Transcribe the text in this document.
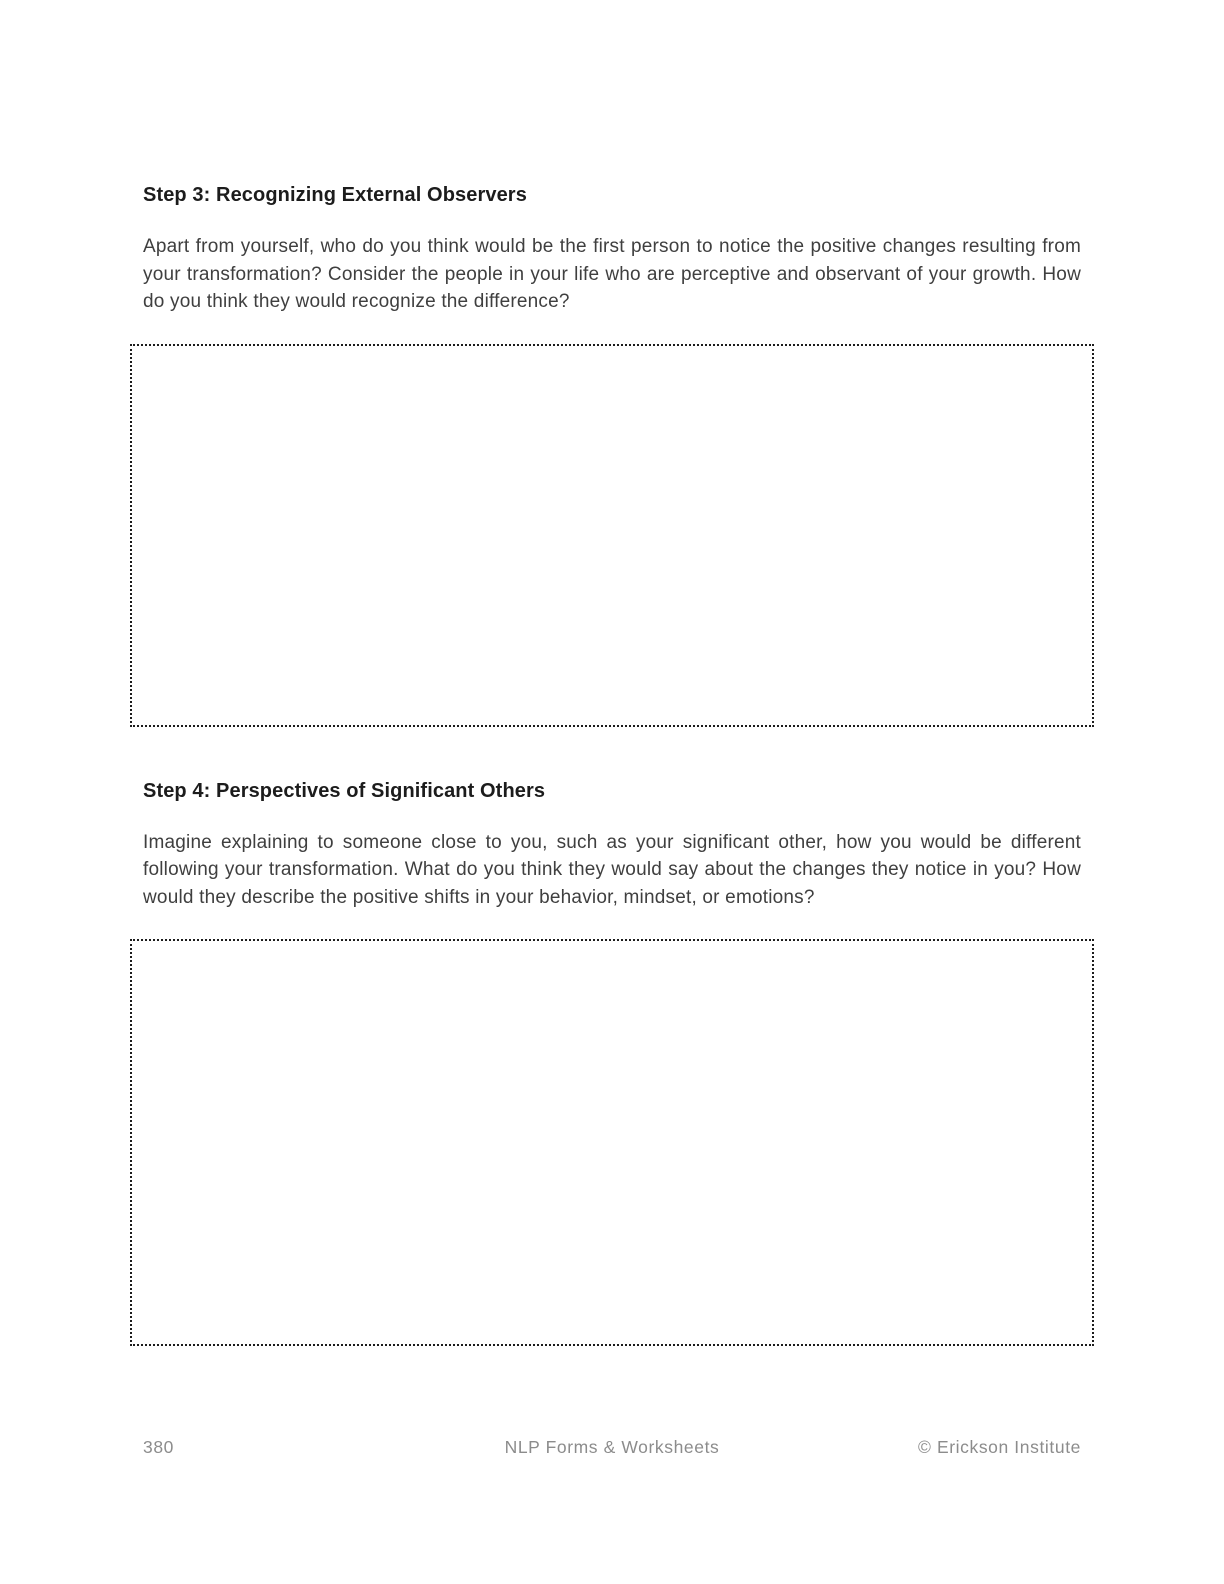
Step 3: Recognizing External Observers

Apart from yourself, who do you think would be the first person to notice the positive changes resulting from your transformation? Consider the people in your life who are perceptive and observant of your growth. How do you think they would recognize the difference?

Step 4: Perspectives of Significant Others

Imagine explaining to someone close to you, such as your significant other, how you would be different following your transformation. What do you think they would say about the changes they notice in you? How would they describe the positive shifts in your behavior, mindset, or emotions?

380	NLP Forms & Worksheets	© Erickson Institute
